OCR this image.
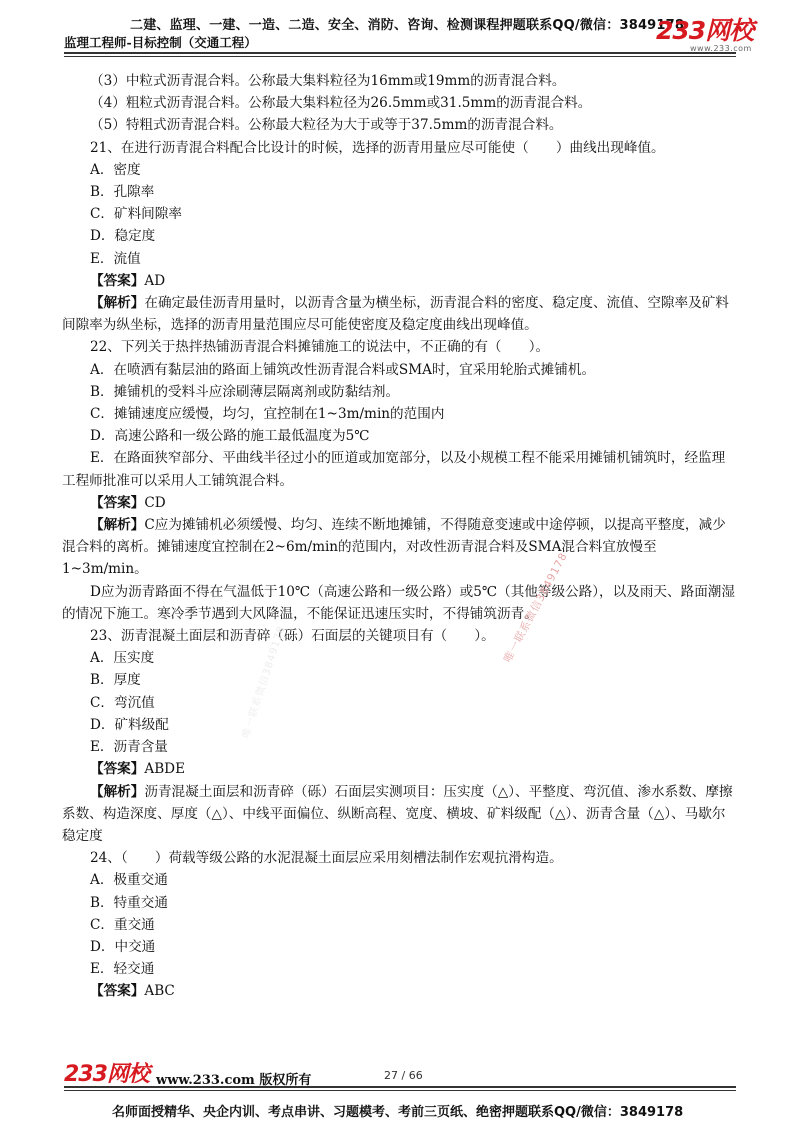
二建、监理、一建、一造、二造、安全、消防、咨询、检测课程押题联系QQ/微信：3849178
监理工程师-目标控制（交通工程）	233网校
www.233.com

（3）中粒式沥青混合料。公称最大集料粒径为16mm或19mm的沥青混合料。

（4）粗粒式沥青混合料。公称最大集料粒径为26.5mm或31.5mm的沥青混合料。

（5）特粗式沥青混合料。公称最大粒径为大于或等于37.5mm的沥青混合料。

21、在进行沥青混合料配合比设计的时候，选择的沥青用量应尽可能使（　　）曲线出现峰值。

A．密度

B．孔隙率

C．矿料间隙率

D．稳定度

E．流值

【答案】AD

【解析】在确定最佳沥青用量时，以沥青含量为横坐标，沥青混合料的密度、稳定度、流值、空隙率及矿料间隙率为纵坐标，选择的沥青用量范围应尽可能使密度及稳定度曲线出现峰值。

22、下列关于热拌热铺沥青混合料摊铺施工的说法中，不正确的有（　　）。

A．在喷洒有黏层油的路面上铺筑改性沥青混合料或SMA时，宜采用轮胎式摊铺机。

B．摊铺机的受料斗应涂刷薄层隔离剂或防黏结剂。

C．摊铺速度应缓慢，均匀，宜控制在1~3m/min的范围内

D．高速公路和一级公路的施工最低温度为5℃

E．在路面狭窄部分、平曲线半径过小的匝道或加宽部分，以及小规模工程不能采用摊铺机铺筑时，经监理工程师批准可以采用人工铺筑混合料。

【答案】CD

【解析】C应为摊铺机必须缓慢、均匀、连续不断地摊铺，不得随意变速或中途停顿，以提高平整度，减少混合料的离析。摊铺速度宜控制在2~6m/min的范围内，对改性沥青混合料及SMA混合料宜放慢至1~3m/min。

D应为沥青路面不得在气温低于10℃（高速公路和一级公路）或5℃（其他等级公路），以及雨天、路面潮湿的情况下施工。寒冷季节遇到大风降温，不能保证迅速压实时，不得铺筑沥青。

23、沥青混凝土面层和沥青碎（砾）石面层的关键项目有（　　）。

A．压实度

B．厚度

C．弯沉值

D．矿料级配

E．沥青含量

【答案】ABDE

【解析】沥青混凝土面层和沥青碎（砾）石面层实测项目：压实度（△）、平整度、弯沉值、渗水系数、摩擦系数、构造深度、厚度（△）、中线平面偏位、纵断高程、宽度、横坡、矿料级配（△）、沥青含量（△）、马歇尔稳定度

24、（　　）荷载等级公路的水泥混凝土面层应采用刻槽法制作宏观抗滑构造。

A．极重交通

B．特重交通

C．重交通

D．中交通

E．轻交通

【答案】ABC

唯一联系微信3849178
唯一联系微信3849178
233网校 www.233.com 版权所有	27 / 66
名师面授精华、央企内训、考点串讲、习题模考、考前三页纸、绝密押题联系QQ/微信：3849178
